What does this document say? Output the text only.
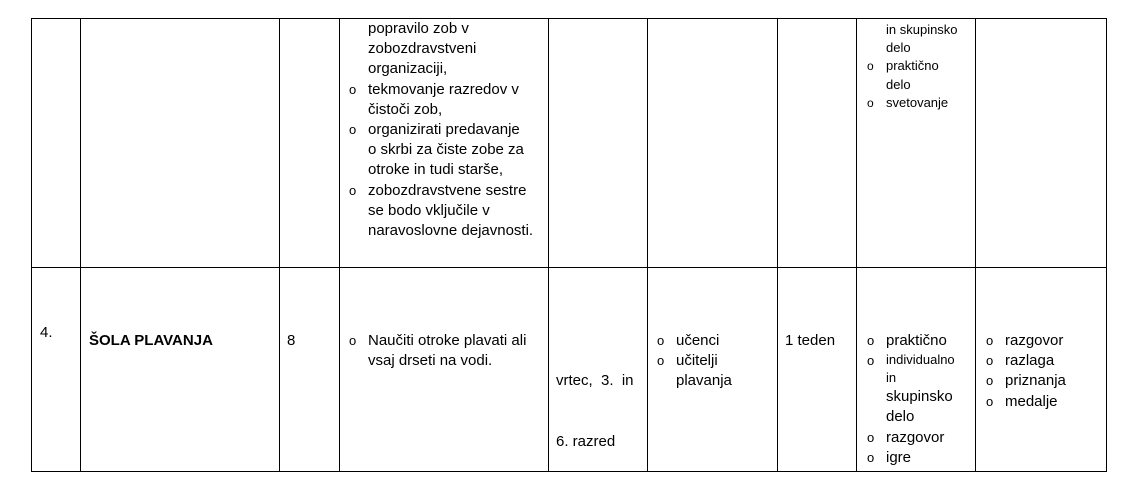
popravilo zob v
zobozdravstveni
organizaciji,
o tekmovanje razredov v
čistoči zob,
o organizirati predavanje
o skrbi za čiste zobe za
otroke in tudi starše,
o zobozdravstvene sestre
se bodo vključile v
naravoslovne dejavnosti.
in skupinsko
delo
o praktično
delo
o svetovanje
4. ŠOLA PLAVANJA	8	o Naučiti otroke plavati ali
vsaj drseti na vodi.

vrtec,  3.  in

6. razred

o učenci
o učitelji
plavanja
1 teden o praktično
o individualno
in
skupinsko
delo
o razgovor
o igre
o razgovor
o razlaga
o priznanja
o medalje
